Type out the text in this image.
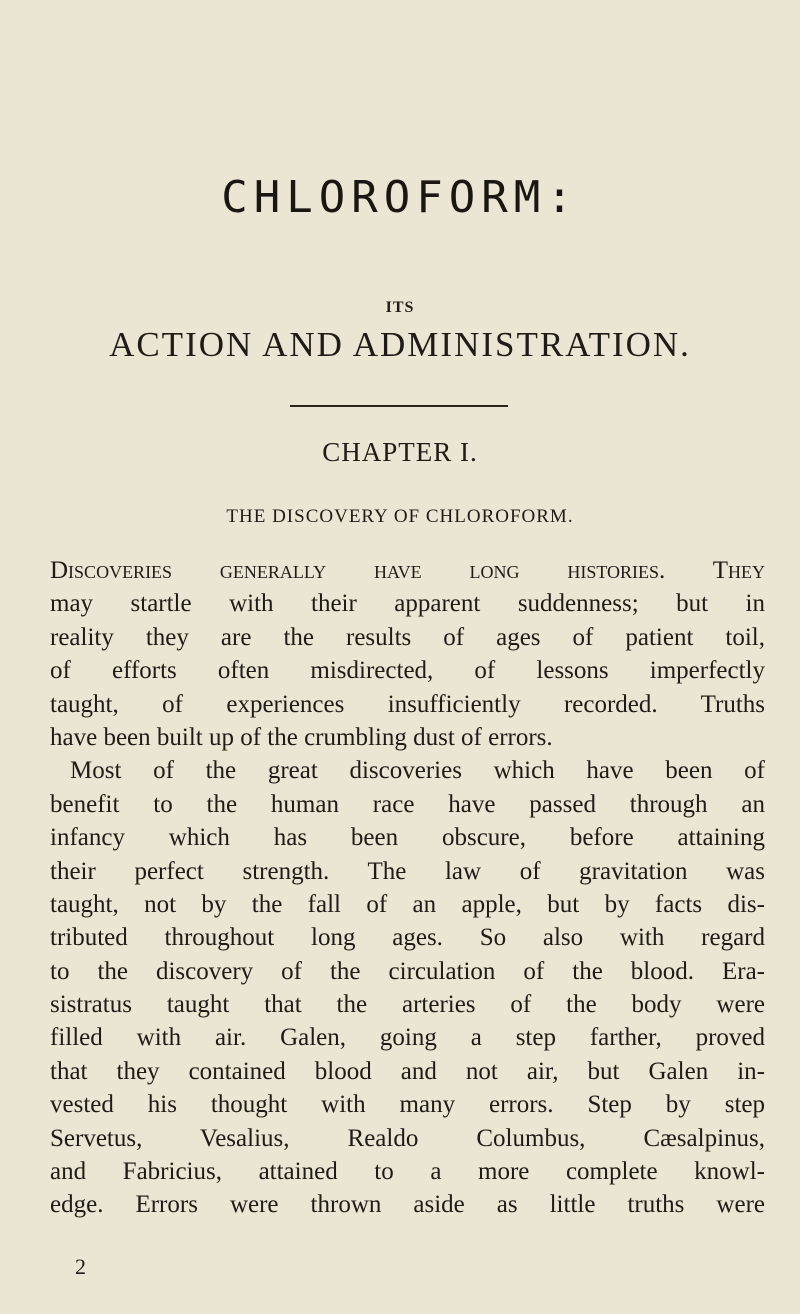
CHLOROFORM:
ITS
ACTION AND ADMINISTRATION.
CHAPTER I.
THE DISCOVERY OF CHLOROFORM.
Discoveries generally have long histories. They
may startle with their apparent suddenness; but in
reality they are the results of ages of patient toil,
of efforts often misdirected, of lessons imperfectly
taught, of experiences insufficiently recorded. Truths
have been built up of the crumbling dust of errors.
Most of the great discoveries which have been of
benefit to the human race have passed through an
infancy which has been obscure, before attaining
their perfect strength. The law of gravitation was
taught, not by the fall of an apple, but by facts dis-
tributed throughout long ages. So also with regard
to the discovery of the circulation of the blood. Era-
sistratus taught that the arteries of the body were
filled with air. Galen, going a step farther, proved
that they contained blood and not air, but Galen in-
vested his thought with many errors. Step by step
Servetus, Vesalius, Realdo Columbus, Cæsalpinus,
and Fabricius, attained to a more complete knowl-
edge. Errors were thrown aside as little truths were
2
